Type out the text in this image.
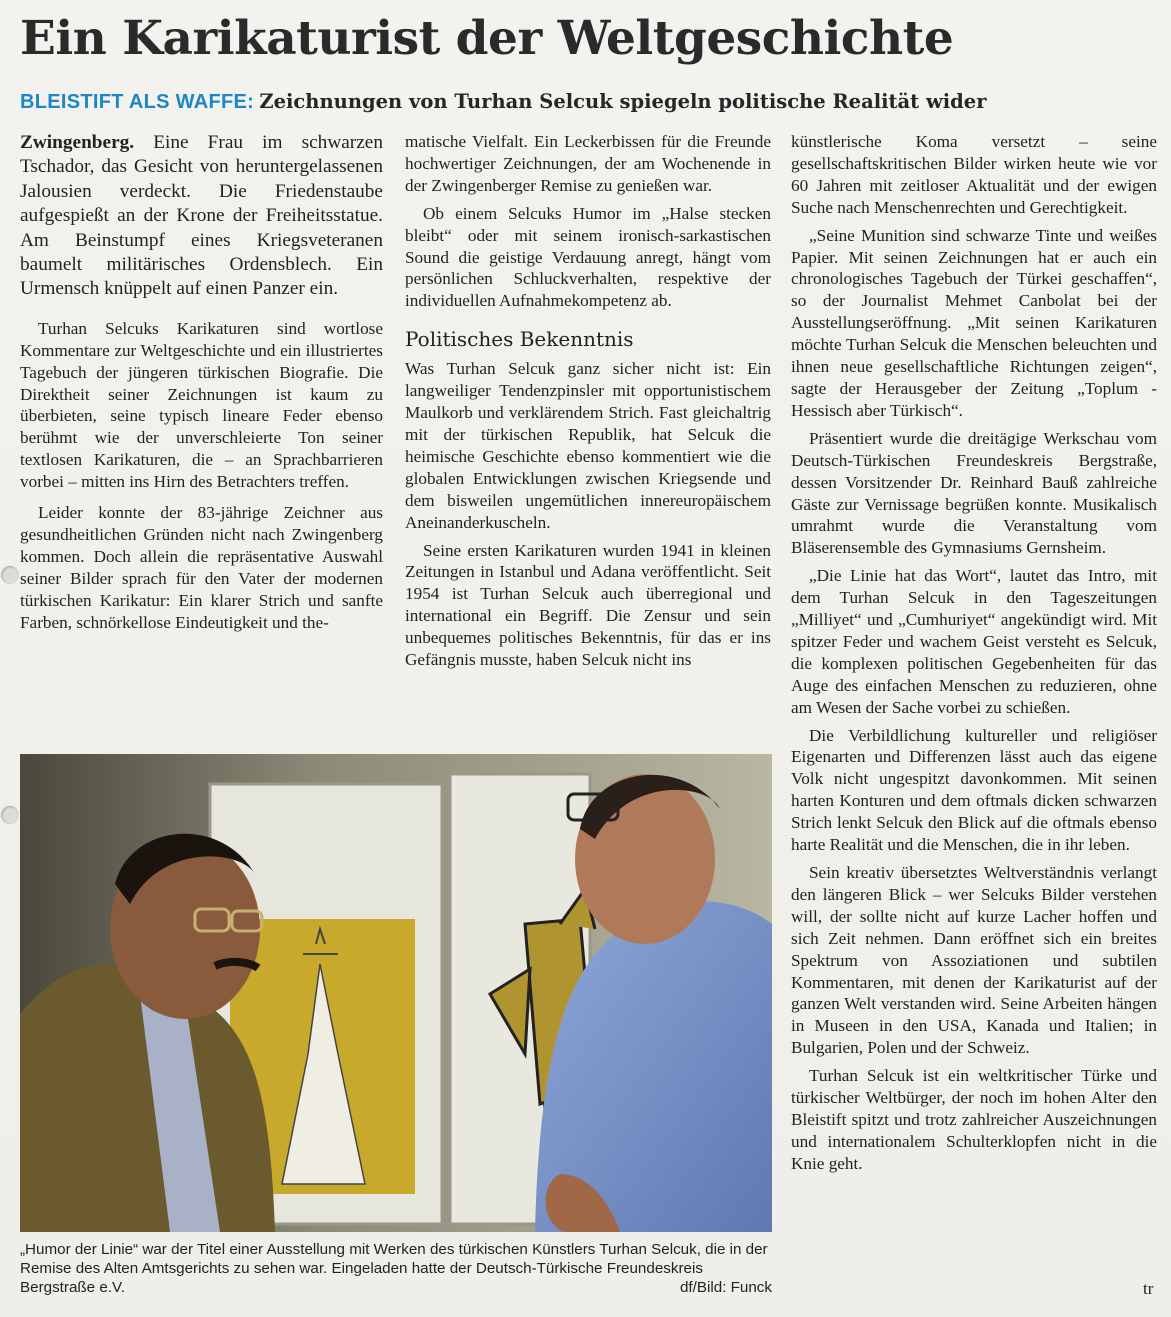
Ein Karikaturist der Weltgeschichte

BLEISTIFT ALS WAFFE: Zeichnungen von Turhan Selcuk spiegeln politische Realität wider

Zwingenberg. Eine Frau im schwarzen Tschador, das Gesicht von heruntergelassenen Jalousien verdeckt. Die Friedenstaube aufgespießt an der Krone der Freiheitsstatue. Am Beinstumpf eines Kriegsveteranen baumelt militärisches Ordensblech. Ein Urmensch knüppelt auf einen Panzer ein.

Turhan Selcuks Karikaturen sind wortlose Kommentare zur Weltgeschichte und ein illustriertes Tagebuch der jüngeren türkischen Biografie. Die Direktheit seiner Zeichnungen ist kaum zu überbieten, seine typisch lineare Feder ebenso berühmt wie der unverschleierte Ton seiner textlosen Karikaturen, die – an Sprachbarrieren vorbei – mitten ins Hirn des Betrachters treffen.

Leider konnte der 83-jährige Zeichner aus gesundheitlichen Gründen nicht nach Zwingenberg kommen. Doch allein die repräsentative Auswahl seiner Bilder sprach für den Vater der modernen türkischen Karikatur: Ein klarer Strich und sanfte Farben, schnörkellose Eindeutigkeit und the-

matische Vielfalt. Ein Leckerbissen für die Freunde hochwertiger Zeichnungen, der am Wochenende in der Zwingenberger Remise zu genießen war.

Ob einem Selcuks Humor im „Halse stecken bleibt“ oder mit seinem ironisch-sarkastischen Sound die geistige Verdauung anregt, hängt vom persönlichen Schluckverhalten, respektive der individuellen Aufnahmekompetenz ab.

Politisches Bekenntnis

Was Turhan Selcuk ganz sicher nicht ist: Ein langweiliger Tendenzpinsler mit opportunistischem Maulkorb und verklärendem Strich. Fast gleichaltrig mit der türkischen Republik, hat Selcuk die heimische Geschichte ebenso kommentiert wie die globalen Entwicklungen zwischen Kriegsende und dem bisweilen ungemütlichen innereuropäischem Aneinanderkuscheln.

Seine ersten Karikaturen wurden 1941 in kleinen Zeitungen in Istanbul und Adana veröffentlicht. Seit 1954 ist Turhan Selcuk auch überregional und international ein Begriff. Die Zensur und sein unbequemes politisches Bekenntnis, für das er ins Gefängnis musste, haben Selcuk nicht ins

künstlerische Koma versetzt – seine gesellschaftskritischen Bilder wirken heute wie vor 60 Jahren mit zeitloser Aktualität und der ewigen Suche nach Menschenrechten und Gerechtigkeit.

„Seine Munition sind schwarze Tinte und weißes Papier. Mit seinen Zeichnungen hat er auch ein chronologisches Tagebuch der Türkei geschaffen“, so der Journalist Mehmet Canbolat bei der Ausstellungseröffnung. „Mit seinen Karikaturen möchte Turhan Selcuk die Menschen beleuchten und ihnen neue gesellschaftliche Richtungen zeigen“, sagte der Herausgeber der Zeitung „Toplum - Hessisch aber Türkisch“.

Präsentiert wurde die dreitägige Werkschau vom Deutsch-Türkischen Freundeskreis Bergstraße, dessen Vorsitzender Dr. Reinhard Bauß zahlreiche Gäste zur Vernissage begrüßen konnte. Musikalisch umrahmt wurde die Veranstaltung vom Bläserensemble des Gymnasiums Gernsheim.

„Die Linie hat das Wort“, lautet das Intro, mit dem Turhan Selcuk in den Tageszeitungen „Milliyet“ und „Cumhuriyet“ angekündigt wird. Mit spitzer Feder und wachem Geist versteht es Selcuk, die komplexen politischen Gegebenheiten für das Auge des einfachen Menschen zu reduzieren, ohne am Wesen der Sache vorbei zu schießen.

Die Verbildlichung kultureller und religiöser Eigenarten und Differenzen lässt auch das eigene Volk nicht ungespitzt davonkommen. Mit seinen harten Konturen und dem oftmals dicken schwarzen Strich lenkt Selcuk den Blick auf die oftmals ebenso harte Realität und die Menschen, die in ihr leben.

Sein kreativ übersetztes Weltverständnis verlangt den längeren Blick – wer Selcuks Bilder verstehen will, der sollte nicht auf kurze Lacher hoffen und sich Zeit nehmen. Dann eröffnet sich ein breites Spektrum von Assoziationen und subtilen Kommentaren, mit denen der Karikaturist auf der ganzen Welt verstanden wird. Seine Arbeiten hängen in Museen in den USA, Kanada und Italien; in Bulgarien, Polen und der Schweiz.

Turhan Selcuk ist ein weltkritischer Türke und türkischer Weltbürger, der noch im hohen Alter den Bleistift spitzt und trotz zahlreicher Auszeichnungen und internationalem Schulterklopfen nicht in die Knie geht.

„Humor der Linie“ war der Titel einer Ausstellung mit Werken des türkischen Künstlers Turhan Selcuk, die in der Remise des Alten Amtsgerichts zu sehen war. Eingeladen hatte der Deutsch-Türkische Freundeskreis Bergstraße e.V.	df/Bild: Funck	tr
